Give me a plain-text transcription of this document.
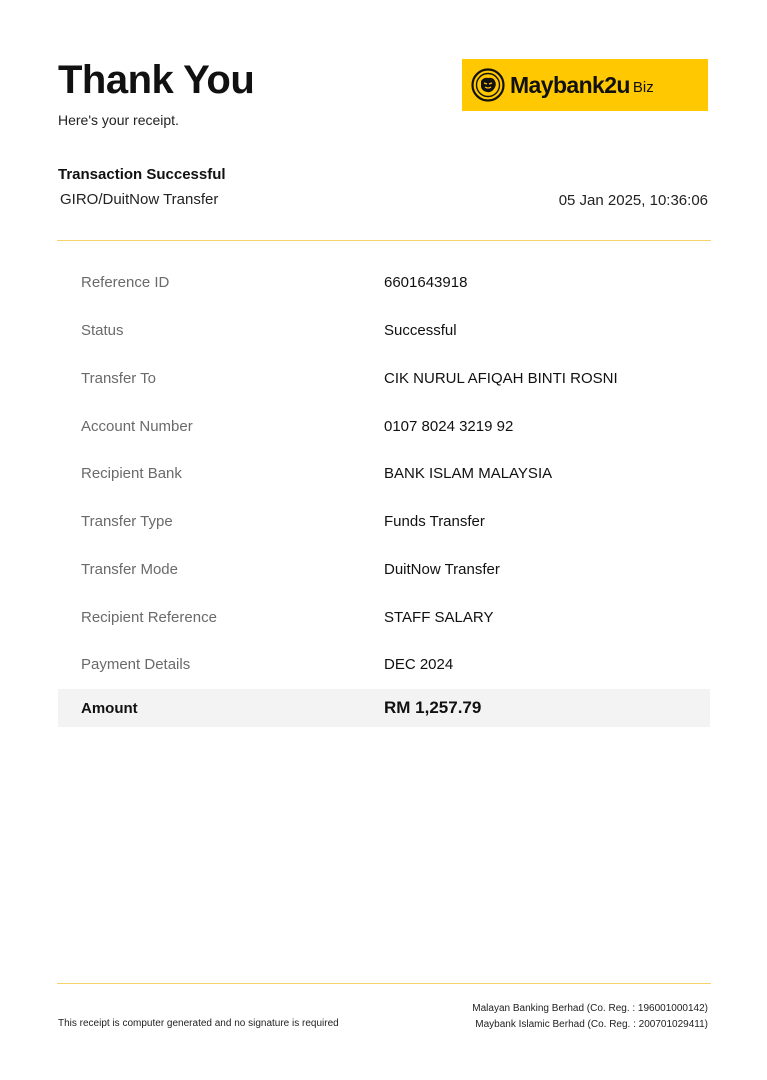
Thank You
Here's your receipt.
Maybank2u Biz
Transaction Successful
GIRO/DuitNow Transfer	05 Jan 2025, 10:36:06
Reference ID	6601643918
Status	Successful
Transfer To	CIK NURUL AFIQAH BINTI ROSNI
Account Number	0107 8024 3219 92
Recipient Bank	BANK ISLAM MALAYSIA
Transfer Type	Funds Transfer
Transfer Mode	DuitNow Transfer
Recipient Reference	STAFF SALARY
Payment Details	DEC 2024
Amount	RM 1,257.79
This receipt is computer generated and no signature is required
Malayan Banking Berhad (Co. Reg. : 196001000142)
Maybank Islamic Berhad (Co. Reg. : 200701029411)
